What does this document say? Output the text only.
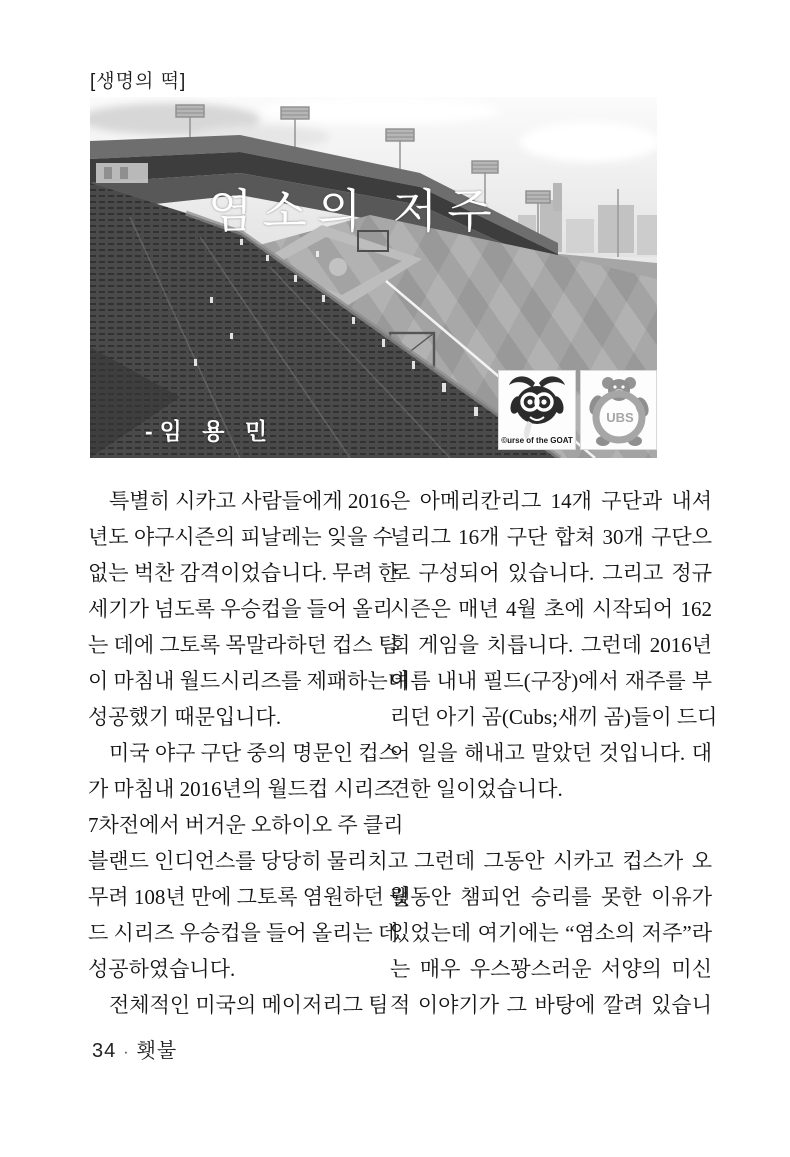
[생명의 떡]
염소의 저주
-임 용 민	©urse of the GOAT
UBS
　특별히 시카고 사람들에게 2016
년도 야구시즌의 피날레는 잊을 수
없는 벅찬 감격이었습니다. 무려 한
세기가 넘도록 우승컵을 들어 올리
는 데에 그토록 목말라하던 컵스 팀
이 마침내 월드시리즈를 제패하는데
성공했기 때문입니다.
　미국 야구 구단 중의 명문인 컵스
가 마침내 2016년의 월드컵 시리즈
7차전에서 버거운 오하이오 주 클리
블랜드 인디언스를 당당히 물리치고
무려 108년 만에 그토록 염원하던 월
드 시리즈 우승컵을 들어 올리는 데
성공하였습니다.
　전체적인 미국의 메이저리그 팀
은 아메리칸리그 14개 구단과 내셔
널리그 16개 구단 합쳐 30개 구단으
로 구성되어 있습니다. 그리고 정규
시즌은 매년 4월 초에 시작되어 162
회 게임을 치릅니다. 그런데 2016년
여름 내내 필드(구장)에서 재주를 부
리던 아기 곰(Cubs;새끼 곰)들이 드디
어 일을 해내고 말았던 것입니다. 대
견한 일이었습니다.

　그런데 그동안 시카고 컵스가 오
랫동안 챔피언 승리를 못한 이유가
있었는데 여기에는 “염소의 저주”라
는 매우 우스꽝스러운 서양의 미신
적 이야기가 그 바탕에 깔려 있습니
34 · 횃불
